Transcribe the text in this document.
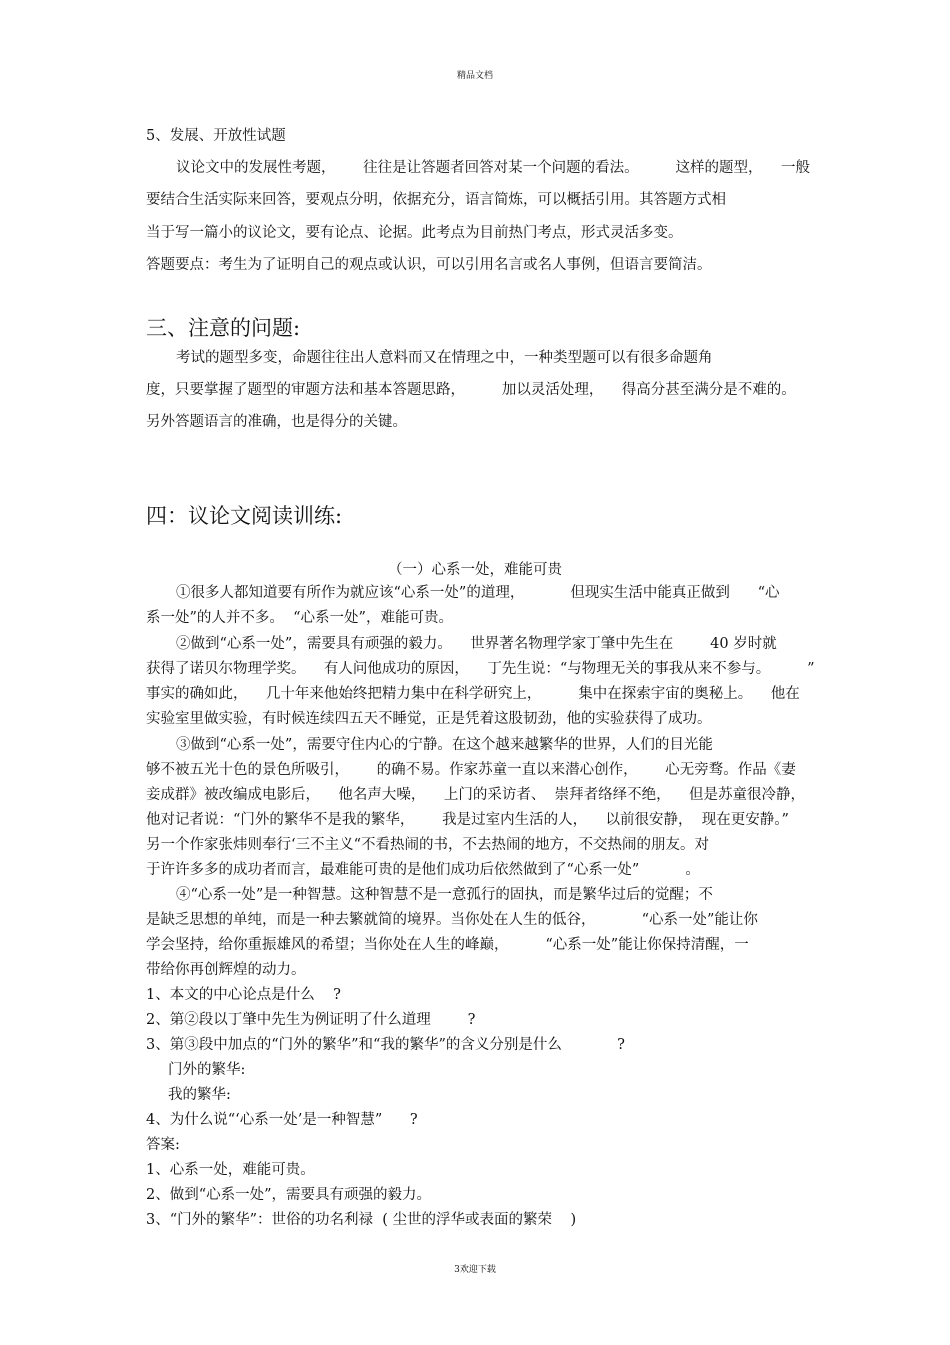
精品文档
5、发展、开放性试题
议论文中的发展性考题，      往往是让答题者回答对某一个问题的看法。        这样的题型，    一般
要结合生活实际来回答，要观点分明，依据充分，语言简炼，可以概括引用。其答题方式相
当于写一篇小的议论文，要有论点、论据。此考点为目前热门考点，形式灵活多变。
答题要点：考生为了证明自己的观点或认识，可以引用名言或名人事例，但语言要简洁。
三、注意的问题:
考试的题型多变，命题往往出人意料而又在情理之中，一种类型题可以有很多命题角
度，只要掌握了题型的审题方法和基本答题思路，        加以灵活处理，    得高分甚至满分是不难的。
另外答题语言的准确，也是得分的关键。
四：议论文阅读训练:
（一）心系一处，难能可贵
①很多人都知道要有所作为就应该“心系一处”的道理，          但现实生活中能真正做到      “心
系一处”的人并不多。  “心系一处”，难能可贵。
②做到“心系一处”，需要具有顽强的毅力。    世界著名物理学家丁肇中先生在        40 岁时就
获得了诺贝尔物理学奖。    有人问他成功的原因，    丁先生说：“与物理无关的事我从来不参与。        ”
事实的确如此，    几十年来他始终把精力集中在科学研究上，        集中在探索宇宙的奥秘上。    他在
实验室里做实验，有时候连续四五天不睡觉，正是凭着这股韧劲，他的实验获得了成功。
③做到“心系一处”，需要守住内心的宁静。在这个越来越繁华的世界，人们的目光能
够不被五光十色的景色所吸引，      的确不易。作家苏童一直以来潜心创作，      心无旁骛。作品《妻
妾成群》被改编成电影后，    他名声大噪，    上门的采访者、  崇拜者络绎不绝，    但是苏童很冷静，
他对记者说：“门外的繁华不是我的繁华，      我是过室内生活的人，    以前很安静，  现在更安静。”
另一个作家张炜则奉行‘三不主义“不看热闹的书，不去热闹的地方，不交热闹的朋友。对
于许许多多的成功者而言，最难能可贵的是他们成功后依然做到了“心系一处”          。
④“心系一处”是一种智慧。这种智慧不是一意孤行的固执，而是繁华过后的觉醒；不
是缺乏思想的单纯，而是一种去繁就简的境界。当你处在人生的低谷，          “心系一处”能让你
学会坚持，给你重振雄风的希望；当你处在人生的峰巅，        “心系一处”能让你保持清醒，一
带给你再创辉煌的动力。
1、本文的中心论点是什么    ?
2、第②段以丁肇中先生为例证明了什么道理        ?
3、第③段中加点的“门外的繁华”和“我的繁华”的含义分别是什么            ?
门外的繁华:
我的繁华:
4、为什么说“‘心系一处’是一种智慧”      ?
答案:
1、心系一处，难能可贵。
2、做到“心系一处”，需要具有顽强的毅力。
3、“门外的繁华”：世俗的功名利禄  ( 尘世的浮华或表面的繁荣    )
3欢迎下载
